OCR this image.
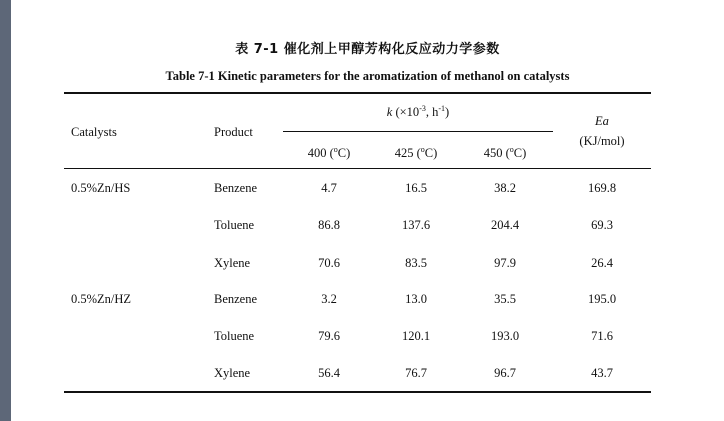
表 7-1 催化剂上甲醇芳构化反应动力学参数
Table 7-1 Kinetic parameters for the aromatization of methanol on catalysts
Catalysts	Product
k ($\times 10^{-3}$, $h^{-1}$)
400 ($^o$C)	425 ($^o$C)	450 ($^o$C)
Ea
(KJ/mol)
0.5%Zn/HS	Benzene	4.7	16.5	38.2	169.8
Toluene	86.8	137.6	204.4	69.3
Xylene	70.6	83.5	97.9	26.4
0.5%Zn/HZ	Benzene	3.2	13.0	35.5	195.0
Toluene	79.6	120.1	193.0	71.6
Xylene	56.4	76.7	96.7	43.7
